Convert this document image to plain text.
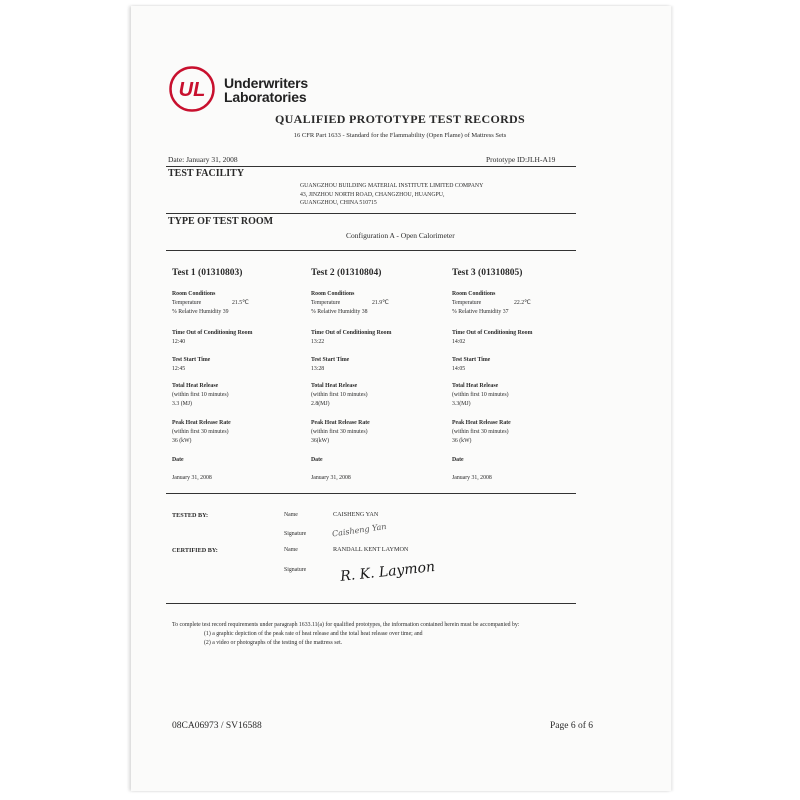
UL Underwriters
Laboratories
QUALIFIED PROTOTYPE TEST RECORDS
16 CFR Part 1633 - Standard for the Flammability (Open Flame) of Mattress Sets
Date: January 31, 2008	Prototype ID:JLH-A19
TEST FACILITY
GUANGZHOU BUILDING MATERIAL INSTITUTE LIMITED COMPANY
43, JINZHOU NORTH ROAD, CHANGZHOU, HUANGPU,
GUANGZHOU, CHINA 510715
TYPE OF TEST ROOM
Configuration A - Open Calorimeter
Test 1 (01310803)
Room Conditions
Temperature	21.5℃
% Relative Humidity 39
Time Out of Conditioning Room
12:40
Test Start Time
12:45
Total Heat Release
(within first 10 minutes)
3.3 (MJ)
Peak Heat Release Rate
(within first 30 minutes)
36 (kW)
Date
January 31, 2008
Test 2 (01310804)
Room Conditions
Temperature	21.9℃
% Relative Humidity 38
Time Out of Conditioning Room
13:22
Test Start Time
13:28
Total Heat Release
(within first 10 minutes)
2.8(MJ)
Peak Heat Release Rate
(within first 30 minutes)
36(kW)
Date
January 31, 2008
Test 3 (01310805)
Room Conditions
Temperature	22.2℃
% Relative Humidity 37
Time Out of Conditioning Room
14:02
Test Start Time
14:05
Total Heat Release
(within first 10 minutes)
3.3(MJ)
Peak Heat Release Rate
(within first 30 minutes)
36 (kW)
Date
January 31, 2008
TESTED BY:	Name	CAISHENG YAN
Signature	Caisheng Yan
CERTIFIED BY:	Name	RANDALL KENT LAYMON
Signature R. K. Laymon
To complete test record requirements under paragraph 1633.11(a) for qualified prototypes, the information contained herein must be accompanied by:
(1) a graphic depiction of the peak rate of heat release and the total heat release over time; and
(2) a video or photographs of the testing of the mattress set.
08CA06973 / SV16588	Page 6 of 6
